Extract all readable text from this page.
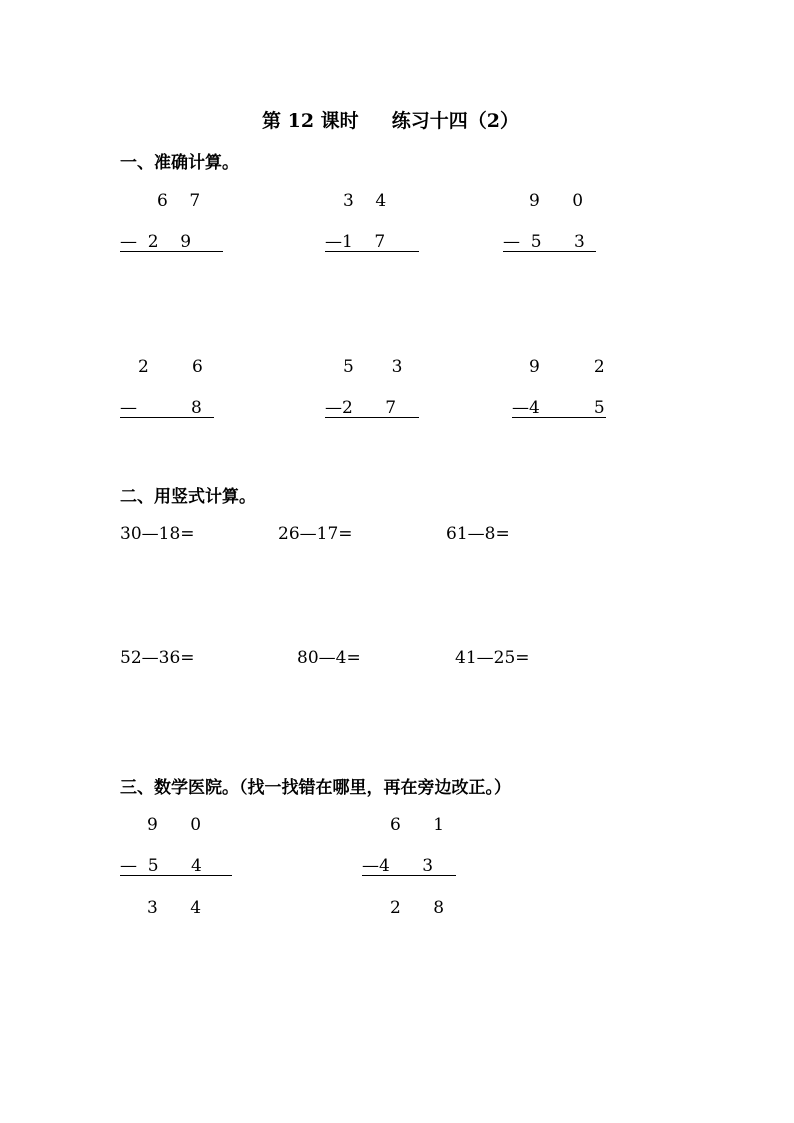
第 12 课时     练习十四（2）
一、准确计算。
6    7
—  2    9
3    4
—1    7
9      0
—  5      3
2        6
—          8
5       3
—2      7
9          2
—4          5
二、用竖式计算。
30—18=	26—17=	61—8=
52—36=	80—4=	41—25=
三、数学医院。（找一找错在哪里，再在旁边改正。）
9      0
—  5      4
3      4
6      1
—4      3
2      8
